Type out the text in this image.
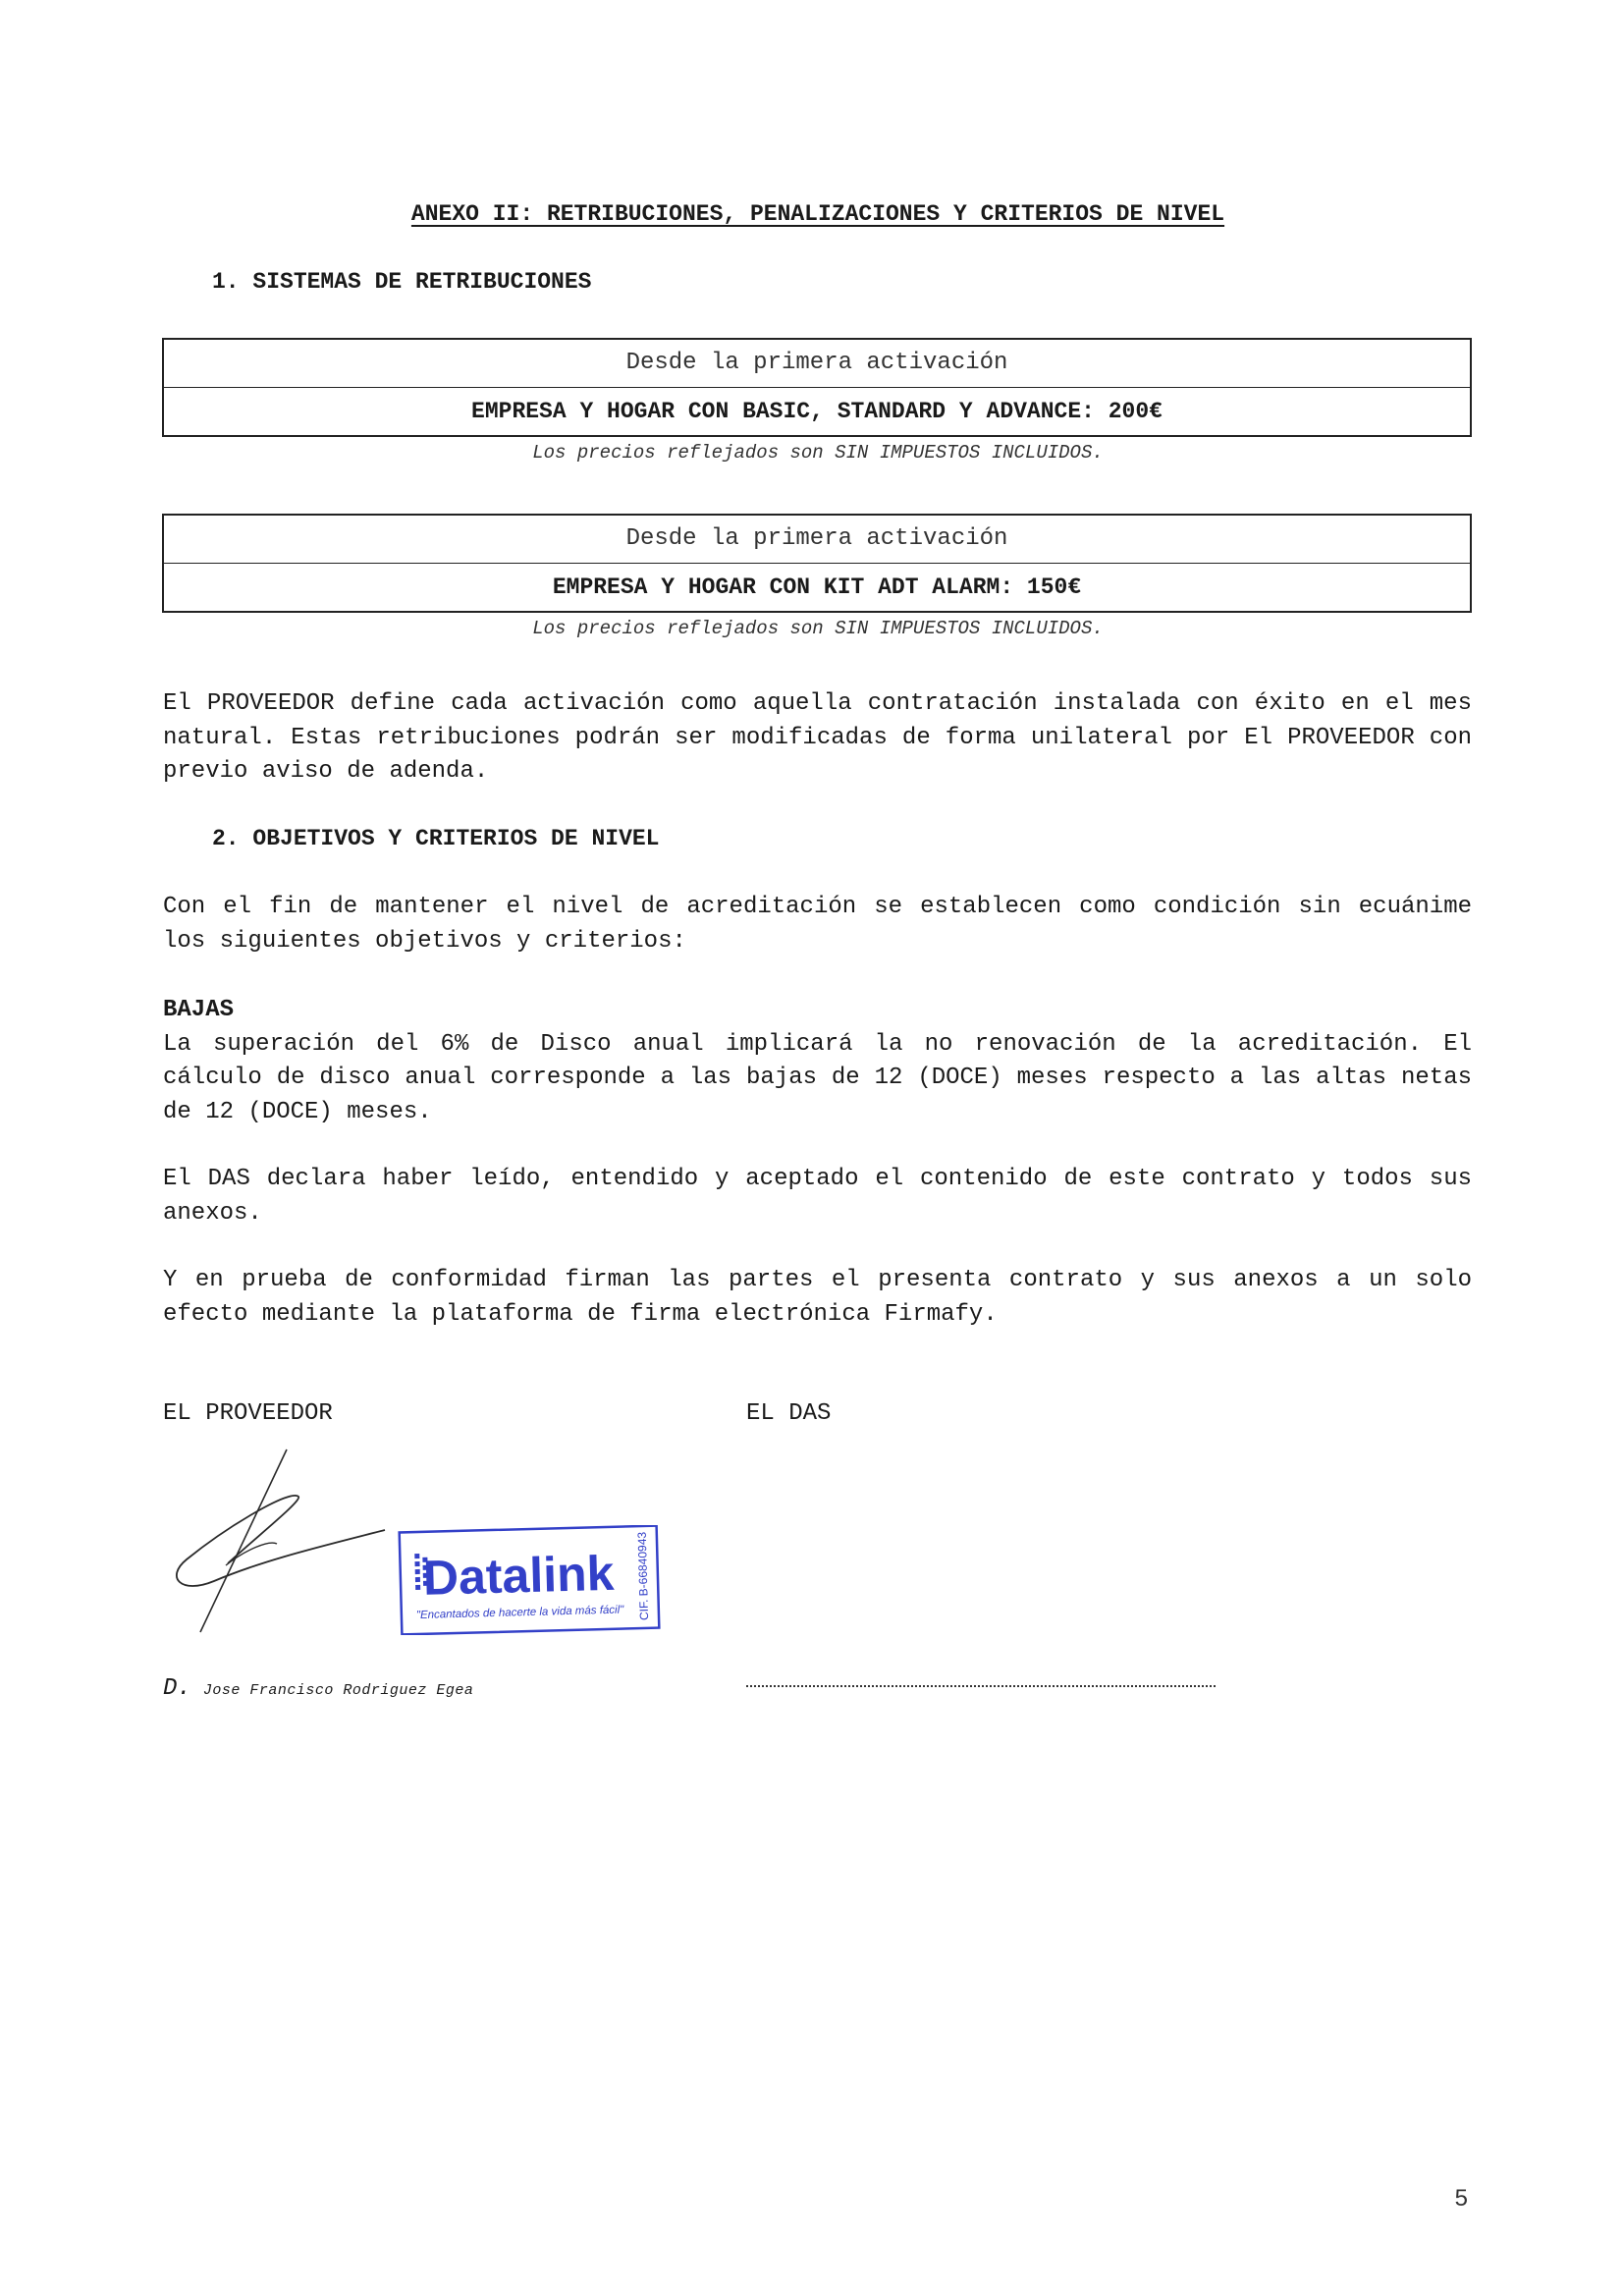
ANEXO II: RETRIBUCIONES, PENALIZACIONES Y CRITERIOS DE NIVEL
1. SISTEMAS DE RETRIBUCIONES
Desde la primera activación
EMPRESA Y HOGAR CON BASIC, STANDARD Y ADVANCE: 200€
Los precios reflejados son SIN IMPUESTOS INCLUIDOS.
Desde la primera activación
EMPRESA Y HOGAR CON KIT ADT ALARM: 150€
Los precios reflejados son SIN IMPUESTOS INCLUIDOS.
El PROVEEDOR define cada activación como aquella contratación instalada con éxito en el mes natural. Estas retribuciones podrán ser modificadas de forma unilateral por El PROVEEDOR con previo aviso de adenda.
2. OBJETIVOS Y CRITERIOS DE NIVEL
Con el fin de mantener el nivel de acreditación se establecen como condición sin ecuánime los siguientes objetivos y criterios:
BAJAS
La superación del 6% de Disco anual implicará la no renovación de la acreditación. El cálculo de disco anual corresponde a las bajas de 12 (DOCE) meses respecto a las altas netas de 12 (DOCE) meses.
El DAS declara haber leído, entendido y aceptado el contenido de este contrato y todos sus anexos.
Y en prueba de conformidad firman las partes el presenta contrato y sus anexos a un solo efecto mediante la plataforma de firma electrónica Firmafy.
EL PROVEEDOR	EL DAS
Datalink
"Encantados de hacerte la vida más fácil" CIF. B-66840943
D. Jose Francisco Rodriguez Egea
5
